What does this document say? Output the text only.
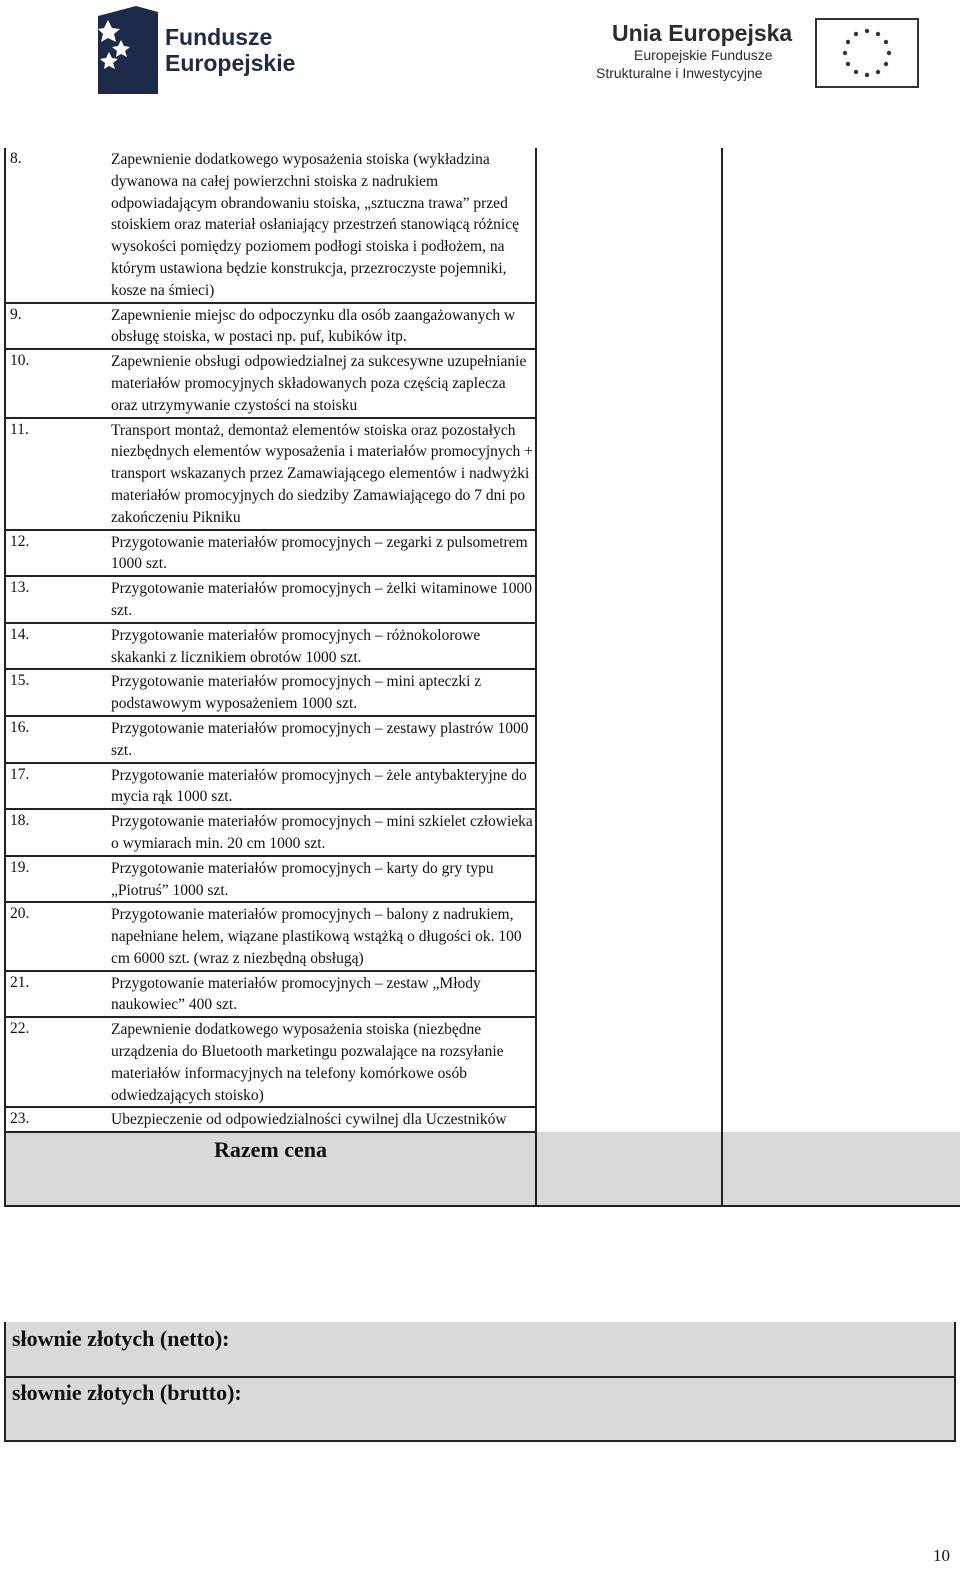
Fundusze
Europejskie
Unia Europejska
Europejskie Fundusze
Strukturalne i Inwestycyjne
8.	Zapewnienie dodatkowego wyposażenia stoiska (wykładzina dywanowa na całej powierzchni stoiska z nadrukiem odpowiadającym obrandowaniu stoiska, „sztuczna trawa” przed stoiskiem oraz materiał osłaniający przestrzeń stanowiącą różnicę wysokości pomiędzy poziomem podłogi stoiska i podłożem, na którym ustawiona będzie konstrukcja, przezroczyste pojemniki, kosze na śmieci)		
9.	Zapewnienie miejsc do odpoczynku dla osób zaangażowanych w obsługę stoiska, w postaci np. puf, kubików itp.		
10.	Zapewnienie obsługi odpowiedzialnej za sukcesywne uzupełnianie materiałów promocyjnych składowanych poza częścią zaplecza oraz utrzymywanie czystości na stoisku		
11.	Transport montaż, demontaż elementów stoiska oraz pozostałych niezbędnych elementów wyposażenia i materiałów promocyjnych + transport wskazanych przez Zamawiającego elementów i nadwyżki materiałów promocyjnych do siedziby Zamawiającego do 7 dni po zakończeniu Pikniku		
12.	Przygotowanie materiałów promocyjnych – zegarki z pulsometrem 1000 szt.		
13.	Przygotowanie materiałów promocyjnych – żelki witaminowe 1000 szt.		
14.	Przygotowanie materiałów promocyjnych – różnokolorowe skakanki z licznikiem obrotów 1000 szt.		
15.	Przygotowanie materiałów promocyjnych – mini apteczki z podstawowym wyposażeniem 1000 szt.		
16.	Przygotowanie materiałów promocyjnych – zestawy plastrów 1000 szt.		
17.	Przygotowanie materiałów promocyjnych – żele antybakteryjne do mycia rąk 1000 szt.		
18.	Przygotowanie materiałów promocyjnych – mini szkielet człowieka o wymiarach min. 20 cm 1000 szt.		
19.	Przygotowanie materiałów promocyjnych – karty do gry typu „Piotruś” 1000 szt.		
20.	Przygotowanie materiałów promocyjnych – balony z nadrukiem, napełniane helem, wiązane plastikową wstążką o długości ok. 100 cm 6000 szt. (wraz z niezbędną obsługą)		
21.	Przygotowanie materiałów promocyjnych – zestaw „Młody naukowiec” 400 szt.		
22.	Zapewnienie dodatkowego wyposażenia stoiska (niezbędne urządzenia do Bluetooth marketingu pozwalające na rozsyłanie materiałów informacyjnych na telefony komórkowe osób odwiedzających stoisko)		
23.	Ubezpieczenie od odpowiedzialności cywilnej dla Uczestników		
Razem cena			
słownie złotych (netto):
słownie złotych (brutto):
10
